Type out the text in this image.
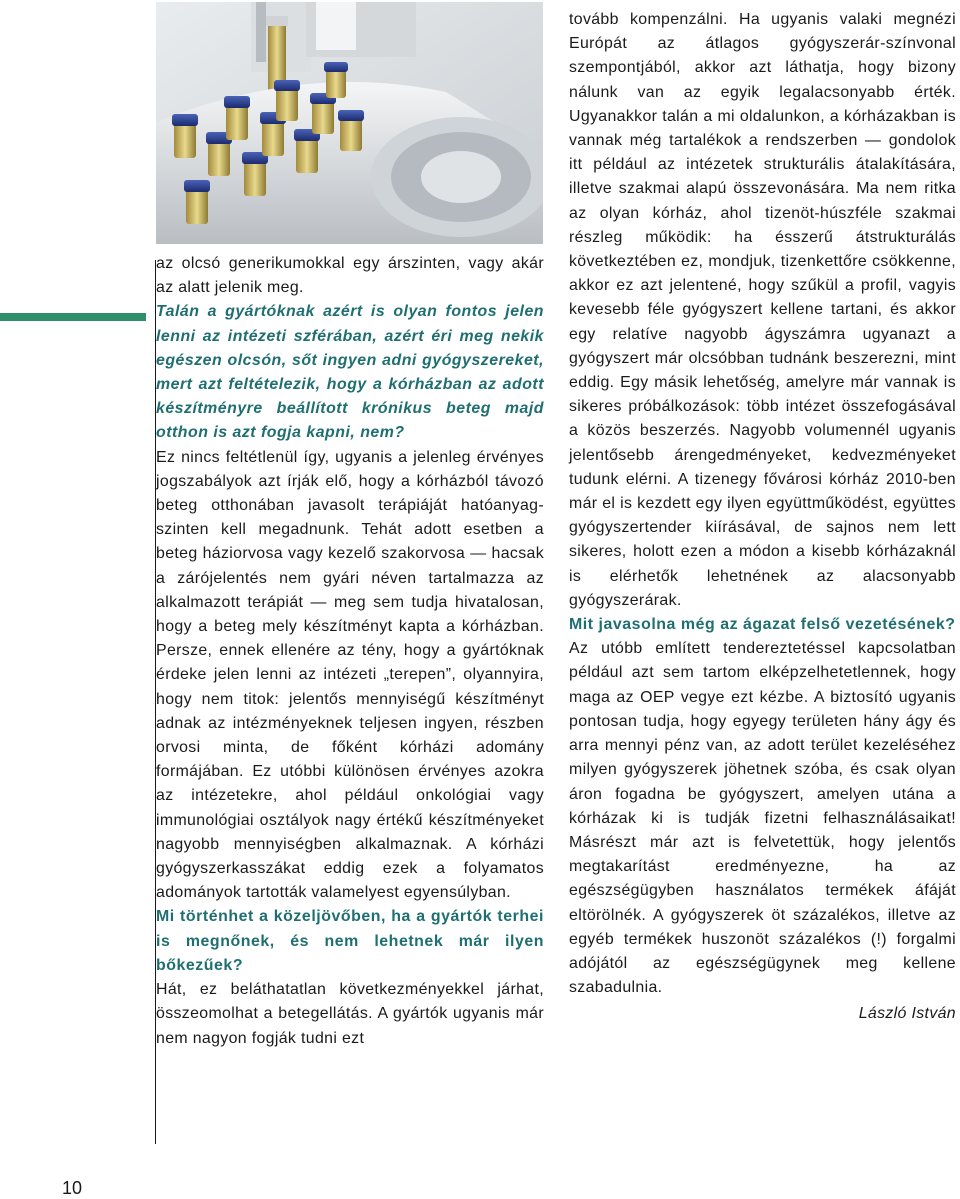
az olcsó generikumokkal egy árszinten, vagy akár az alatt jelenik meg.

Talán a gyártóknak azért is olyan fontos jelen lenni az intézeti szférában, azért éri meg nekik egészen olcsón, sőt ingyen adni gyógyszereket, mert azt feltételezik, hogy a kórházban az adott készítményre beállított krónikus beteg majd otthon is azt fogja kapni, nem?

Ez nincs feltétlenül így, ugyanis a jelenleg érvényes jogszabályok azt írják elő, hogy a kórházból távozó beteg otthonában javasolt terápiáját hatóanyag-szinten kell megadnunk. Tehát adott esetben a beteg háziorvosa vagy kezelő szakorvosa — hacsak a zárójelentés nem gyári néven tartalmazza az alkalmazott terápiát — meg sem tudja hivatalosan, hogy a beteg mely készítményt kapta a kórházban. Persze, ennek ellenére az tény, hogy a gyártóknak érdeke jelen lenni az intézeti „terepen”, olyannyira, hogy nem titok: jelentős mennyiségű készítményt adnak az intézményeknek teljesen ingyen, részben orvosi minta, de főként kórházi adomány formájában. Ez utóbbi különösen érvényes azokra az intézetekre, ahol például onkológiai vagy immunológiai osztályok nagy értékű készítményeket nagyobb mennyiségben alkalmaznak. A kórházi gyógyszerkasszákat eddig ezek a folyamatos adományok tartották valamelyest egyensúlyban.

Mi történhet a közeljövőben, ha a gyártók terhei is megnőnek, és nem lehetnek már ilyen bőkezűek?

Hát, ez beláthatatlan következményekkel járhat, összeomolhat a betegellátás. A gyártók ugyanis már nem nagyon fogják tudni ezt

tovább kompenzálni. Ha ugyanis valaki megnézi Európát az átlagos gyógyszerár-színvonal szempontjából, akkor azt láthatja, hogy bizony nálunk van az egyik legalacsonyabb érték. Ugyanakkor talán a mi oldalunkon, a kórházakban is vannak még tartalékok a rendszerben — gondolok itt például az intézetek strukturális átalakítására, illetve szakmai alapú összevonására. Ma nem ritka az olyan kórház, ahol tizenöt-húszféle szakmai részleg működik: ha ésszerű átstrukturálás következtében ez, mondjuk, tizenkettőre csökkenne, akkor ez azt jelentené, hogy szűkül a profil, vagyis kevesebb féle gyógyszert kellene tartani, és akkor egy relatíve nagyobb ágyszámra ugyanazt a gyógyszert már olcsóbban tudnánk beszerezni, mint eddig. Egy másik lehetőség, amelyre már vannak is sikeres próbálkozások: több intézet összefogásával a közös beszerzés. Nagyobb volumennél ugyanis jelentősebb árengedményeket, kedvezményeket tudunk elérni. A tizenegy fővárosi kórház 2010-ben már el is kezdett egy ilyen együttműködést, együttes gyógyszertender kiírásával, de sajnos nem lett sikeres, holott ezen a módon a kisebb kórházaknál is elérhetők lehetnének az alacsonyabb gyógyszerárak.

Mit javasolna még az ágazat felső vezetésének?

Az utóbb említett tendereztetéssel kapcsolatban például azt sem tartom elképzelhetetlennek, hogy maga az OEP vegye ezt kézbe. A biztosító ugyanis pontosan tudja, hogy egyegy területen hány ágy és arra mennyi pénz van, az adott terület kezeléséhez milyen gyógyszerek jöhetnek szóba, és csak olyan áron fogadna be gyógyszert, amelyen utána a kórházak ki is tudják fizetni felhasználásaikat! Másrészt már azt is felvetettük, hogy jelentős megtakarítást eredményezne, ha az egészségügyben használatos termékek áfáját eltörölnék. A gyógyszerek öt százalékos, illetve az egyéb termékek huszonöt százalékos (!) forgalmi adójától az egészségügynek meg kellene szabadulnia.

László István

10
